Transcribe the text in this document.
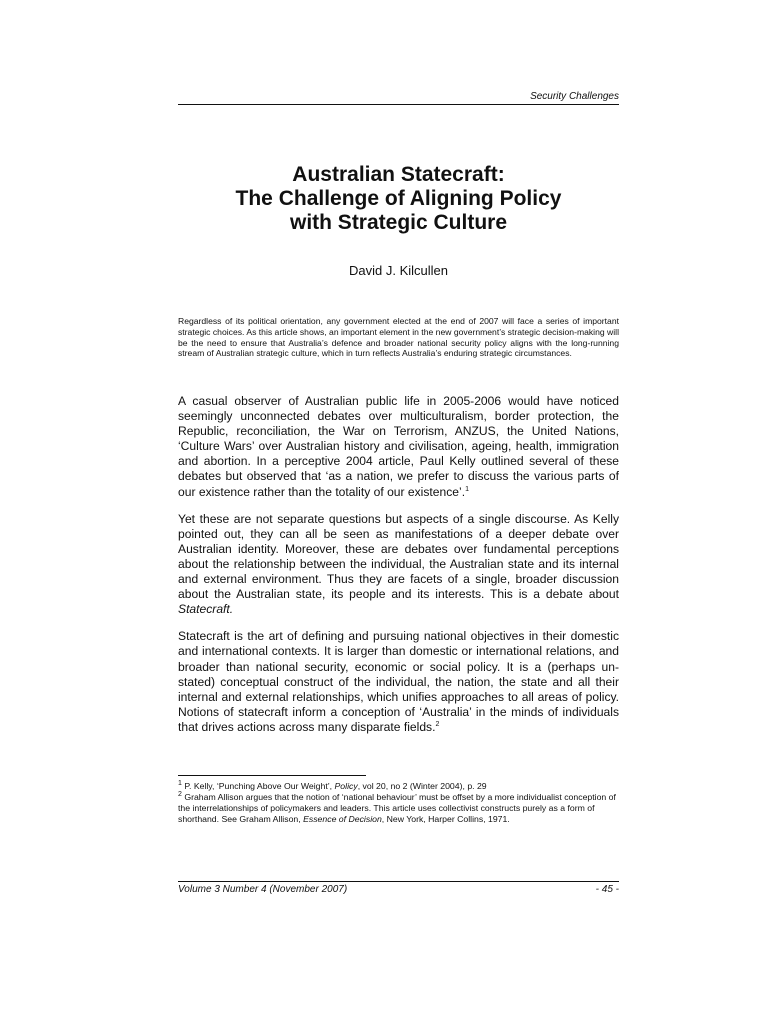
Security Challenges
Australian Statecraft:
The Challenge of Aligning Policy
with Strategic Culture
David J. Kilcullen

Regardless of its political orientation, any government elected at the end of 2007 will face a series of important strategic choices. As this article shows, an important element in the new government’s strategic decision-making will be the need to ensure that Australia’s defence and broader national security policy aligns with the long-running stream of Australian strategic culture, which in turn reflects Australia’s enduring strategic circumstances.

A casual observer of Australian public life in 2005-2006 would have noticed seemingly unconnected debates over multiculturalism, border protection, the Republic, reconciliation, the War on Terrorism, ANZUS, the United Nations, ‘Culture Wars’ over Australian history and civilisation, ageing, health, immigration and abortion. In a perceptive 2004 article, Paul Kelly outlined several of these debates but observed that ‘as a nation, we prefer to discuss the various parts of our existence rather than the totality of our existence’.$^1$

Yet these are not separate questions but aspects of a single discourse. As Kelly pointed out, they can all be seen as manifestations of a deeper debate over Australian identity. Moreover, these are debates over fundamental perceptions about the relationship between the individual, the Australian state and its internal and external environment. Thus they are facets of a single, broader discussion about the Australian state, its people and its interests. This is a debate about Statecraft.

Statecraft is the art of defining and pursuing national objectives in their domestic and international contexts. It is larger than domestic or international relations, and broader than national security, economic or social policy. It is a (perhaps un-stated) conceptual construct of the individual, the nation, the state and all their internal and external relationships, which unifies approaches to all areas of policy. Notions of statecraft inform a conception of ‘Australia’ in the minds of individuals that drives actions across many disparate fields.$^2$

$^1$ P. Kelly, ‘Punching Above Our Weight’, Policy, vol 20, no 2 (Winter 2004), p. 29

$^2$ Graham Allison argues that the notion of ‘national behaviour’ must be offset by a more individualist conception of the interrelationships of policymakers and leaders. This article uses collectivist constructs purely as a form of shorthand. See Graham Allison, Essence of Decision, New York, Harper Collins, 1971.

Volume 3 Number 4 (November 2007)	- 45 -
